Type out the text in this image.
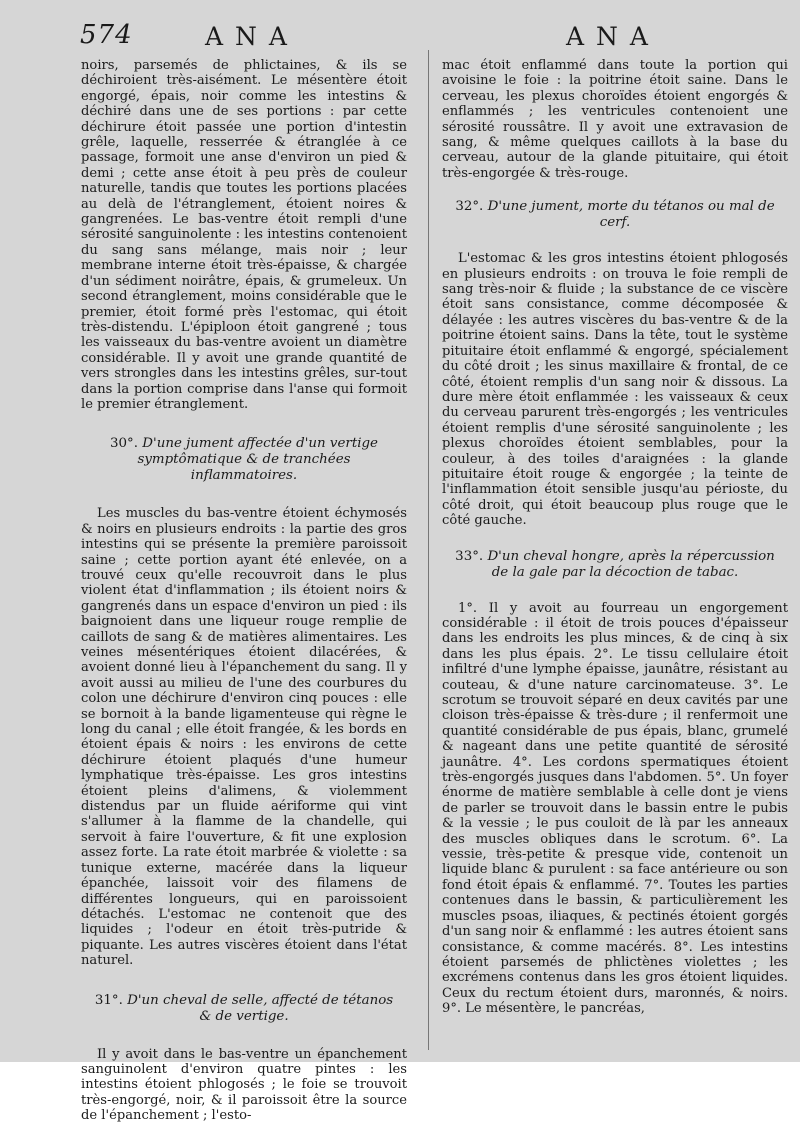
574	ANA	ANA

noirs, parsemés de phlictaines, & ils se déchiroient très-aisément. Le mésentère étoit engorgé, épais, noir comme les intestins & déchiré dans une de ses portions : par cette déchirure étoit passée une portion d'intestin grêle, laquelle, resserrée & étranglée à ce passage, formoit une anse d'environ un pied & demi ; cette anse étoit à peu près de couleur naturelle, tandis que toutes les portions placées au delà de l'étranglement, étoient noires & gangrenées. Le bas-ventre étoit rempli d'une sérosité sanguinolente : les intestins contenoient du sang sans mélange, mais noir ; leur membrane interne étoit très-épaisse, & chargée d'un sédiment noirâtre, épais, & grumeleux. Un second étranglement, moins considérable que le premier, étoit formé près l'estomac, qui étoit très-distendu. L'épiploon étoit gangrené ; tous les vaisseaux du bas-ventre avoient un diamètre considérable. Il y avoit une grande quantité de vers strongles dans les intestins grêles, sur-tout dans la portion comprise dans l'anse qui formoit le premier étranglement.

30°. D'une jument affectée d'un vertige symptômatique & de tranchées inflammatoires.

Les muscles du bas-ventre étoient échymosés & noirs en plusieurs endroits : la partie des gros intestins qui se présente la première paroissoit saine ; cette portion ayant été enlevée, on a trouvé ceux qu'elle recouvroit dans le plus violent état d'inflammation ; ils étoient noirs & gangrenés dans un espace d'environ un pied : ils baignoient dans une liqueur rouge remplie de caillots de sang & de matières alimentaires. Les veines mésentériques étoient dilacérées, & avoient donné lieu à l'épanchement du sang. Il y avoit aussi au milieu de l'une des courbures du colon une déchirure d'environ cinq pouces : elle se bornoit à la bande ligamenteuse qui règne le long du canal ; elle étoit frangée, & les bords en étoient épais & noirs : les environs de cette déchirure étoient plaqués d'une humeur lymphatique très-épaisse. Les gros intestins étoient pleins d'alimens, & violemment distendus par un fluide aériforme qui vint s'allumer à la flamme de la chandelle, qui servoit à faire l'ouverture, & fit une explosion assez forte. La rate étoit marbrée & violette : sa tunique externe, macérée dans la liqueur épanchée, laissoit voir des filamens de différentes longueurs, qui en paroissoient détachés. L'estomac ne contenoit que des liquides ; l'odeur en étoit très-putride & piquante. Les autres viscères étoient dans l'état naturel.

31°. D'un cheval de selle, affecté de tétanos & de vertige.

Il y avoit dans le bas-ventre un épanchement sanguinolent d'environ quatre pintes : les intestins étoient phlogosés ; le foie se trouvoit très-engorgé, noir, & il paroissoit être la source de l'épanchement ; l'esto-

mac étoit enflammé dans toute la portion qui avoisine le foie : la poitrine étoit saine. Dans le cerveau, les plexus choroïdes étoient engorgés & enflammés ; les ventricules contenoient une sérosité roussâtre. Il y avoit une extravasion de sang, & même quelques caillots à la base du cerveau, autour de la glande pituitaire, qui étoit très-engorgée & très-rouge.

32°. D'une jument, morte du tétanos ou mal de cerf.

L'estomac & les gros intestins étoient phlogosés en plusieurs endroits : on trouva le foie rempli de sang très-noir & fluide ; la substance de ce viscère étoit sans consistance, comme décomposée & délayée : les autres viscères du bas-ventre & de la poitrine étoient sains. Dans la tête, tout le système pituitaire étoit enflammé & engorgé, spécialement du côté droit ; les sinus maxillaire & frontal, de ce côté, étoient remplis d'un sang noir & dissous. La dure mère étoit enflammée : les vaisseaux & ceux du cerveau parurent très-engorgés ; les ventricules étoient remplis d'une sérosité sanguinolente ; les plexus choroïdes étoient semblables, pour la couleur, à des toiles d'araignées : la glande pituitaire étoit rouge & engorgée ; la teinte de l'inflammation étoit sensible jusqu'au périoste, du côté droit, qui étoit beaucoup plus rouge que le côté gauche.

33°. D'un cheval hongre, après la répercussion de la gale par la décoction de tabac.

1°. Il y avoit au fourreau un engorgement considérable : il étoit de trois pouces d'épaisseur dans les endroits les plus minces, & de cinq à six dans les plus épais. 2°. Le tissu cellulaire étoit infiltré d'une lymphe épaisse, jaunâtre, résistant au couteau, & d'une nature carcinomateuse. 3°. Le scrotum se trouvoit séparé en deux cavités par une cloison très-épaisse & très-dure ; il renfermoit une quantité considérable de pus épais, blanc, grumelé & nageant dans une petite quantité de sérosité jaunâtre. 4°. Les cordons spermatiques étoient très-engorgés jusques dans l'abdomen. 5°. Un foyer énorme de matière semblable à celle dont je viens de parler se trouvoit dans le bassin entre le pubis & la vessie ; le pus couloit de là par les anneaux des muscles obliques dans le scrotum. 6°. La vessie, très-petite & presque vide, contenoit un liquide blanc & purulent : sa face antérieure ou son fond étoit épais & enflammé. 7°. Toutes les parties contenues dans le bassin, & particulièrement les muscles psoas, iliaques, & pectinés étoient gorgés d'un sang noir & enflammé : les autres étoient sans consistance, & comme macérés. 8°. Les intestins étoient parsemés de phlictènes violettes ; les excrémens contenus dans les gros étoient liquides. Ceux du rectum étoient durs, maronnés, & noirs. 9°. Le mésentère, le pancréas,
